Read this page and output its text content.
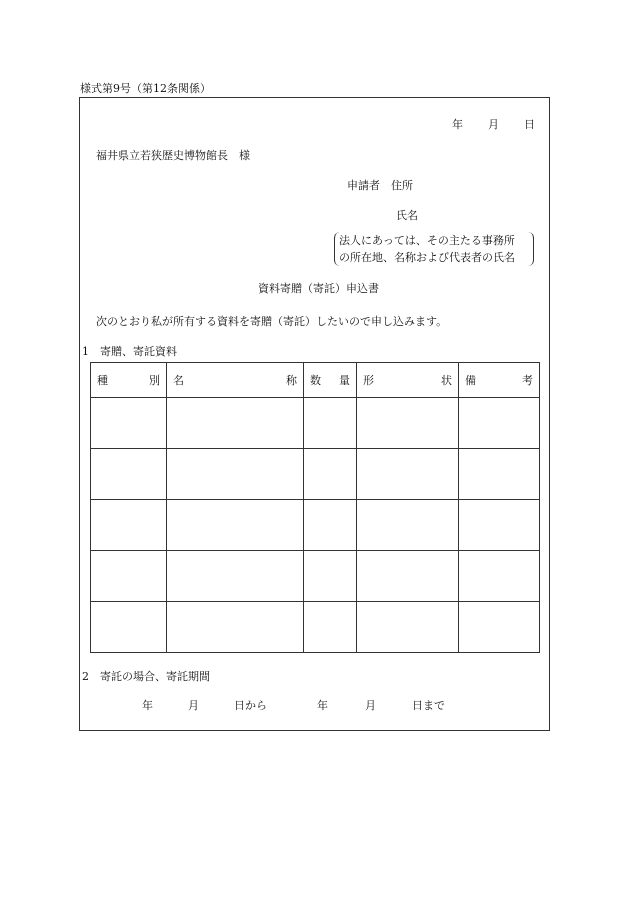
様式第9号（第12条関係）
年 月 日
福井県立若狭歴史博物館長　様
申請者　住所
氏名
法人にあっては、その主たる事務所
の所在地、名称および代表者の氏名
資料寄贈（寄託）申込書
次のとおり私が所有する資料を寄贈（寄託）したいので申し込みます。
1　寄贈、寄託資料
種 別	名 称	数 量	形 状	備 考

2　寄託の場合、寄託期間
年	月	日から	年	月	日まで
